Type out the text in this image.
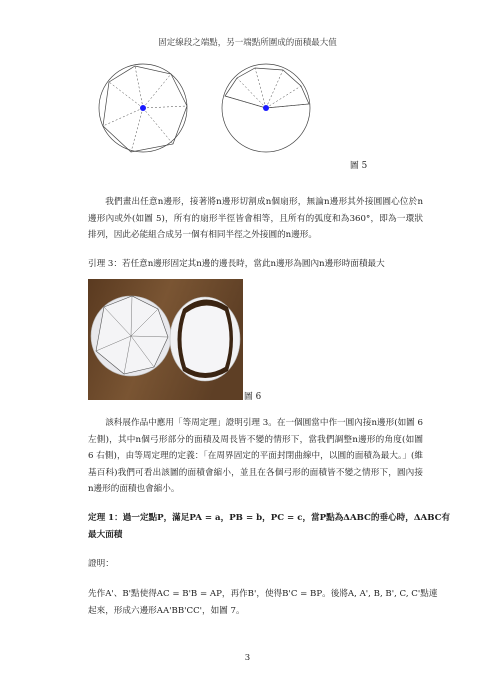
固定線段之端點，另一端點所圍成的面積最大值
圖 5
我們畫出任意n邊形，接著將n邊形切割成n個扇形，無論n邊形其外接圓圓心位於n邊形內或外(如圖 5)，所有的扇形半徑皆會相等，且所有的弧度和為360°，即為一環狀排列，因此必能組合成另一個有相同半徑之外接圓的n邊形。
引理 3：若任意n邊形固定其n邊的邊長時，當此n邊形為圓內n邊形時面積最大
圖 6
該科展作品中應用「等周定理」證明引理 3。在一個圓當中作一圓內接n邊形(如圖 6 左側)，其中n個弓形部分的面積及周長皆不變的情形下，當我們調整n邊形的角度(如圖 6 右側)，由等周定理的定義：「在周界固定的平面封閉曲線中，以圓的面積為最大。」(維基百科)我們可看出該圖的面積會縮小，並且在各個弓形的面積皆不變之情形下，圓內接n邊形的面積也會縮小。
定理 1：過一定點P，滿足PA = a，PB = b，PC = c，當P點為ΔABC的垂心時，ΔABC有
最大面積
證明：
先作A'、B'點使得AC = B'B = AP，再作B'，使得B'C = BP。後將A, A', B, B', C, C'點連
起來，形成六邊形AA'BB'CC'，如圖 7。
3
